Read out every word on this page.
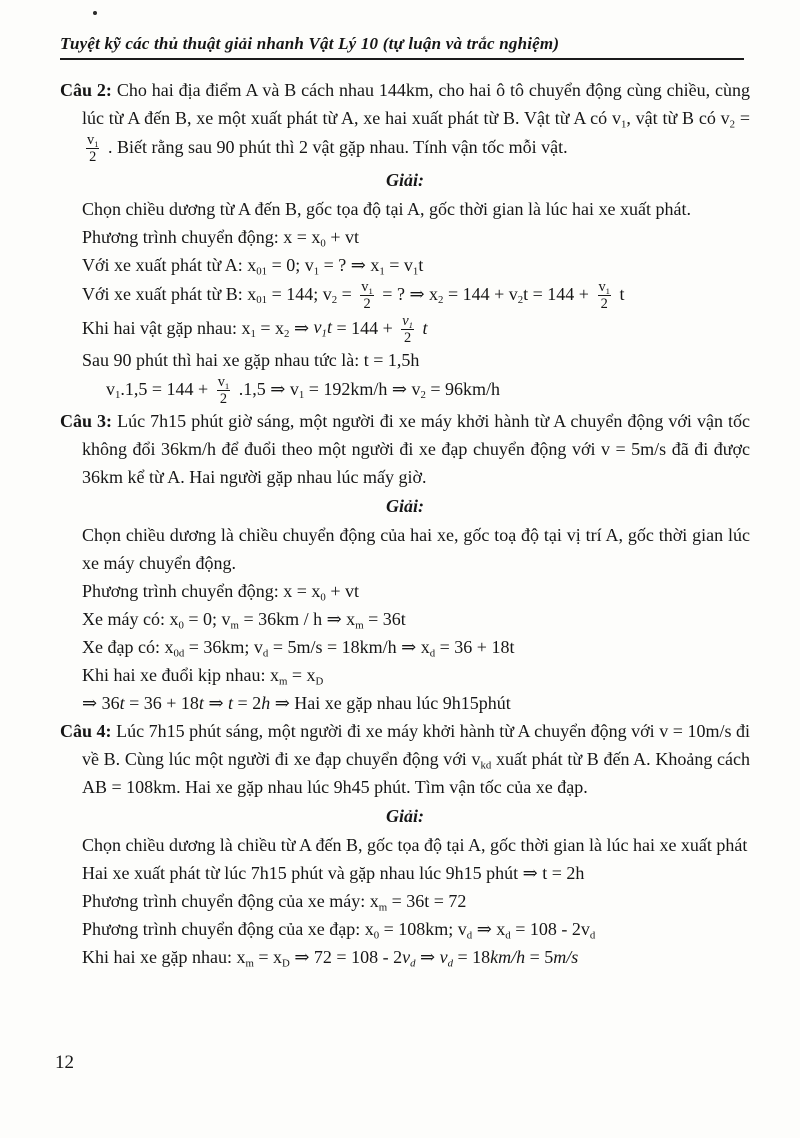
Tuyệt kỹ các thủ thuật giải nhanh Vật Lý 10 (tự luận và trắc nghiệm)

Câu 2: Cho hai địa điểm A và B cách nhau 144km, cho hai ô tô chuyển động cùng chiều, cùng lúc từ A đến B, xe một xuất phát từ A, xe hai xuất phát từ B. Vật từ A có $v_1$, vật từ B có $v_2$ =
$\frac{v_1}{2}$ . Biết rằng sau 90 phút thì 2 vật gặp nhau. Tính vận tốc mỗi vật.

Giải:

Chọn chiều dương từ A đến B, gốc tọa độ tại A, gốc thời gian là lúc hai xe xuất phát.

Phương trình chuyển động: $x = x_0$ + vt

Với xe xuất phát từ A: $x_{01} = 0$; $v_1$ = ? ⇒ $x_1 = v_1t$

Với xe xuất phát từ B: $x_{01} = 144$; $v_2 = \frac{v_1}{2}$ = ? ⇒ $x_2 = 144 + v_2t = 144 + \frac{v_1}{2}$ t

Khi hai vật gặp nhau: $x_1 = x_2$ ⇒ $v_1t = 144 + \frac{v_1}{2}$ t

Sau 90 phút thì hai xe gặp nhau tức là: t = 1,5h

$v_1.1,5 = 144 + \frac{v_1}{2} .1,5$ ⇒ $v_1 = 192km/h$ ⇒ $v_2 = 96km/h$

Câu 3: Lúc 7h15 phút giờ sáng, một người đi xe máy khởi hành từ A chuyển động với vận tốc không đổi 36km/h để đuổi theo một người đi xe đạp chuyển động với v = 5m/s đã đi được 36km kể từ A. Hai người gặp nhau lúc mấy giờ.

Giải:

Chọn chiều dương là chiều chuyển động của hai xe, gốc toạ độ tại vị trí A, gốc thời gian lúc xe máy chuyển động.

Phương trình chuyển động: $x = x_0$ + vt

Xe máy có: $x_0 = 0$; $v_m = 36km / h$ ⇒ $x_m = 36t$

Xe đạp có: $x_{0d} = 36km$; $v_d = 5m/s = 18km/h$ ⇒ $x_d = 36 + 18t$

Khi hai xe đuổi kịp nhau: $x_m = x_D$

⇒ 36t = 36 + 18t ⇒ t = 2h ⇒ Hai xe gặp nhau lúc 9h15phút

Câu 4: Lúc 7h15 phút sáng, một người đi xe máy khởi hành từ A chuyển động với v = 10m/s đi về B. Cùng lúc một người đi xe đạp chuyển động với $v_{kd}$ xuất phát từ B đến A. Khoảng cách AB = 108km. Hai xe gặp nhau lúc 9h45 phút. Tìm vận tốc của xe đạp.

Giải:

Chọn chiều dương là chiều từ A đến B, gốc tọa độ tại A, gốc thời gian là lúc hai xe xuất phát

Hai xe xuất phát từ lúc 7h15 phút và gặp nhau lúc 9h15 phút ⇒ t = 2h

Phương trình chuyển động của xe máy: $x_m = 36t = 72$

Phương trình chuyển động của xe đạp: $x_0 = 108km$; $v_d$ ⇒ $x_d = 108 - 2v_d$

Khi hai xe gặp nhau: $x_m = x_D$ ⇒ $72 = 108 - 2v_d$ ⇒ $v_d = 18km/h = 5m/s$

12
